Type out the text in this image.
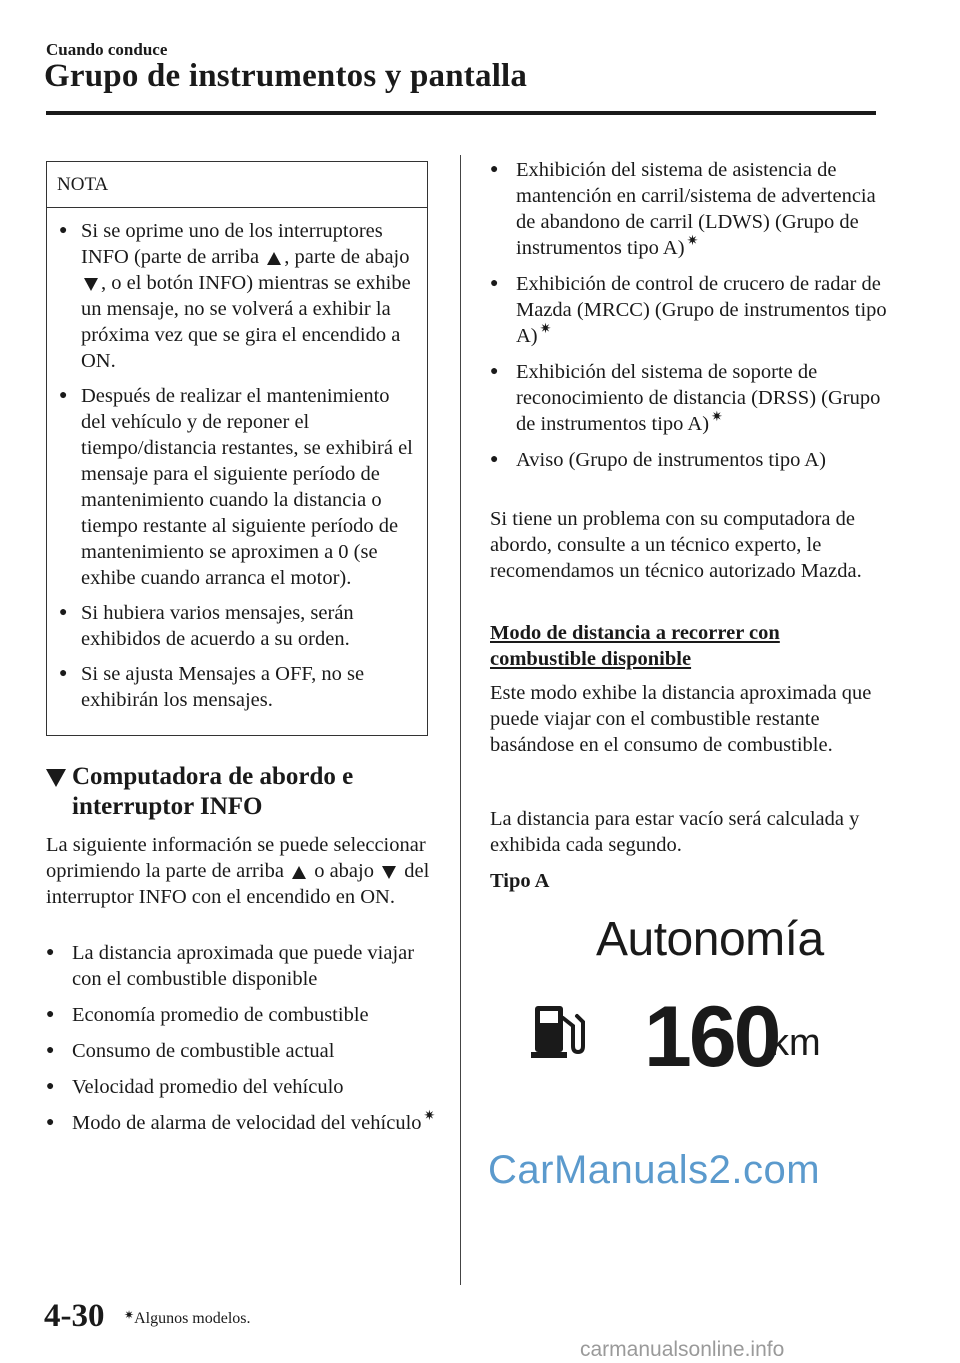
Cuando conduce
Grupo de instrumentos y pantalla
NOTA
● Si se oprime uno de los interruptores INFO (parte de arriba , parte de abajo , o el botón INFO) mientras se exhibe un mensaje, no se volverá a exhibir la próxima vez que se gira el encendido a ON.
● Después de realizar el mantenimiento del vehículo y de reponer el tiempo/distancia restantes, se exhibirá el mensaje para el siguiente período de mantenimiento cuando la distancia o tiempo restante al siguiente período de mantenimiento se aproximen a 0 (se exhibe cuando arranca el motor).
● Si hubiera varios mensajes, serán exhibidos de acuerdo a su orden.
● Si se ajusta Mensajes a OFF, no se exhibirán los mensajes.
Computadora de abordo e
interruptor INFO
La siguiente información se puede seleccionar oprimiendo la parte de arriba  o abajo  del interruptor INFO con el encendido en ON.
● La distancia aproximada que puede viajar con el combustible disponible
● Economía promedio de combustible
● Consumo de combustible actual
● Velocidad promedio del vehículo
● Modo de alarma de velocidad del vehículo ✷
● Exhibición del sistema de asistencia de mantención en carril/sistema de advertencia de abandono de carril (LDWS) (Grupo de instrumentos tipo A) ✷
● Exhibición de control de crucero de radar de Mazda (MRCC) (Grupo de instrumentos tipo A) ✷
● Exhibición del sistema de soporte de reconocimiento de distancia (DRSS) (Grupo de instrumentos tipo A) ✷
● Aviso (Grupo de instrumentos tipo A)
Si tiene un problema con su computadora de abordo, consulte a un técnico experto, le recomendamos un técnico autorizado Mazda.
Modo de distancia a recorrer con combustible disponible
Este modo exhibe la distancia aproximada que puede viajar con el combustible restante basándose en el consumo de combustible.
La distancia para estar vacío será calculada y exhibida cada segundo.
Tipo A
Autonomía
160
km
CarManuals2.com
4-30 ✷Algunos modelos.
carmanualsonline.info
